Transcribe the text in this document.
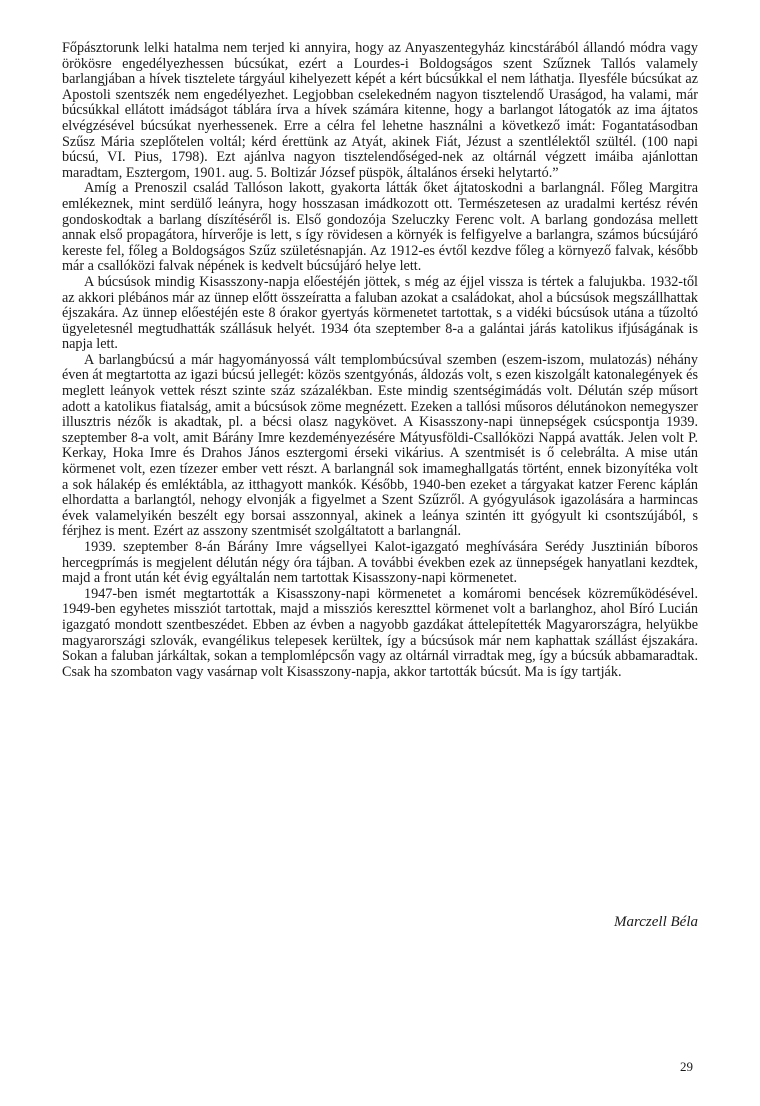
Főpásztorunk lelki hatalma nem terjed ki annyira, hogy az Anyaszentegyház kincstárából állandó módra vagy örökösre engedélyezhessen búcsúkat, ezért a Lourdes-i Boldogságos szent Szűznek Tallós valamely barlangjában a hívek tisztelete tárgyául kihelyezett képét a kért búcsúkkal el nem láthatja. Ilyesféle búcsúkat az Apostoli szentszék nem engedélyezhet. Legjobban cselekedném nagyon tisztelendő Uraságod, ha valami, már búcsúkkal ellátott imádságot táblára írva a hívek számára kitenne, hogy a barlangot látogatók az ima ájtatos elvégzésével búcsúkat nyerhessenek. Erre a célra fel lehetne használni a következő imát: Fogantatásodban Szűsz Mária szeplőtelen voltál; kérd érettünk az Atyát, akinek Fiát, Jézust a szentlélektől szültél. (100 napi búcsú, VI. Pius, 1798). Ezt ajánlva nagyon tisztelendőséged-nek az oltárnál végzett imáiba ajánlottan maradtam, Esztergom, 1901. aug. 5. Boltizár József püspök, általános érseki helytartó.”

Amíg a Prenoszil család Tallóson lakott, gyakorta látták őket ájtatoskodni a barlangnál. Főleg Margitra emlékeznek, mint serdülő leányra, hogy hosszasan imádkozott ott. Természetesen az uradalmi kertész révén gondoskodtak a barlang díszítéséről is. Első gondozója Szeluczky Ferenc volt. A barlang gondozása mellett annak első propagátora, hírverője is lett, s így rövidesen a környék is felfigyelve a barlangra, számos búcsújáró kereste fel, főleg a Boldogságos Szűz születésnapján. Az 1912-es évtől kezdve főleg a környező falvak, később már a csallóközi falvak népének is kedvelt búcsújáró helye lett.

A búcsúsok mindig Kisasszony-napja előestéjén jöttek, s még az éjjel vissza is tértek a falujukba. 1932-től az akkori plébános már az ünnep előtt összeíratta a faluban azokat a családokat, ahol a búcsúsok megszállhattak éjszakára. Az ünnep előestéjén este 8 órakor gyertyás körmenetet tartottak, s a vidéki búcsúsok utána a tűzoltó ügyeletesnél megtudhatták szállásuk helyét. 1934 óta szeptember 8-a a galántai járás katolikus ifjúságának is napja lett.

A barlangbúcsú a már hagyományossá vált templombúcsúval szemben (eszem-iszom, mulatozás) néhány éven át megtartotta az igazi búcsú jellegét: közös szentgyónás, áldozás volt, s ezen kiszolgált katonalegények és meglett leányok vettek részt szinte száz százalékban. Este mindig szentségimádás volt. Délután szép műsort adott a katolikus fiatalság, amit a búcsúsok zöme megnézett. Ezeken a tallósi műsoros délutánokon nemegyszer illusztris nézők is akadtak, pl. a bécsi olasz nagykövet. A Kisasszony-napi ünnepségek csúcspontja 1939. szeptember 8-a volt, amit Bárány Imre kezdeményezésére Mátyusföldi-Csallóközi Nappá avatták. Jelen volt P. Kerkay, Hoka Imre és Drahos János esztergomi érseki vikárius. A szentmisét is ő celebrálta. A mise után körmenet volt, ezen tízezer ember vett részt. A barlangnál sok imameghallgatás történt, ennek bizonyítéka volt a sok hálakép és emléktábla, az itthagyott mankók. Később, 1940-ben ezeket a tárgyakat katzer Ferenc káplán elhordatta a barlangtól, nehogy elvonják a figyelmet a Szent Szűzről. A gyógyulások igazolására a harmincas évek valamelyikén beszélt egy borsai asszonnyal, akinek a leánya szintén itt gyógyult ki csontszújából, s férjhez is ment. Ezért az asszony szentmisét szolgáltatott a barlangnál.

1939. szeptember 8-án Bárány Imre vágsellyei Kalot-igazgató meghívására Serédy Jusztinián bíboros hercegprímás is megjelent délután négy óra tájban. A további években ezek az ünnepségek hanyatlani kezdtek, majd a front után két évig egyáltalán nem tartottak Kisasszony-napi körmenetet.

1947-ben ismét megtartották a Kisasszony-napi körmenetet a komáromi bencések közreműködésével. 1949-ben egyhetes missziót tartottak, majd a missziós kereszttel körmenet volt a barlanghoz, ahol Bíró Lucián igazgató mondott szentbeszédet. Ebben az évben a nagyobb gazdákat áttelepítették Magyarországra, helyükbe magyarországi szlovák, evangélikus telepesek kerültek, így a búcsúsok már nem kaphattak szállást éjszakára. Sokan a faluban járkáltak, sokan a templomlépcsőn vagy az oltárnál virradtak meg, így a búcsúk abbamaradtak. Csak ha szombaton vagy vasárnap volt Kisasszony-napja, akkor tartották búcsút. Ma is így tartják.

Marczell Béla
29
